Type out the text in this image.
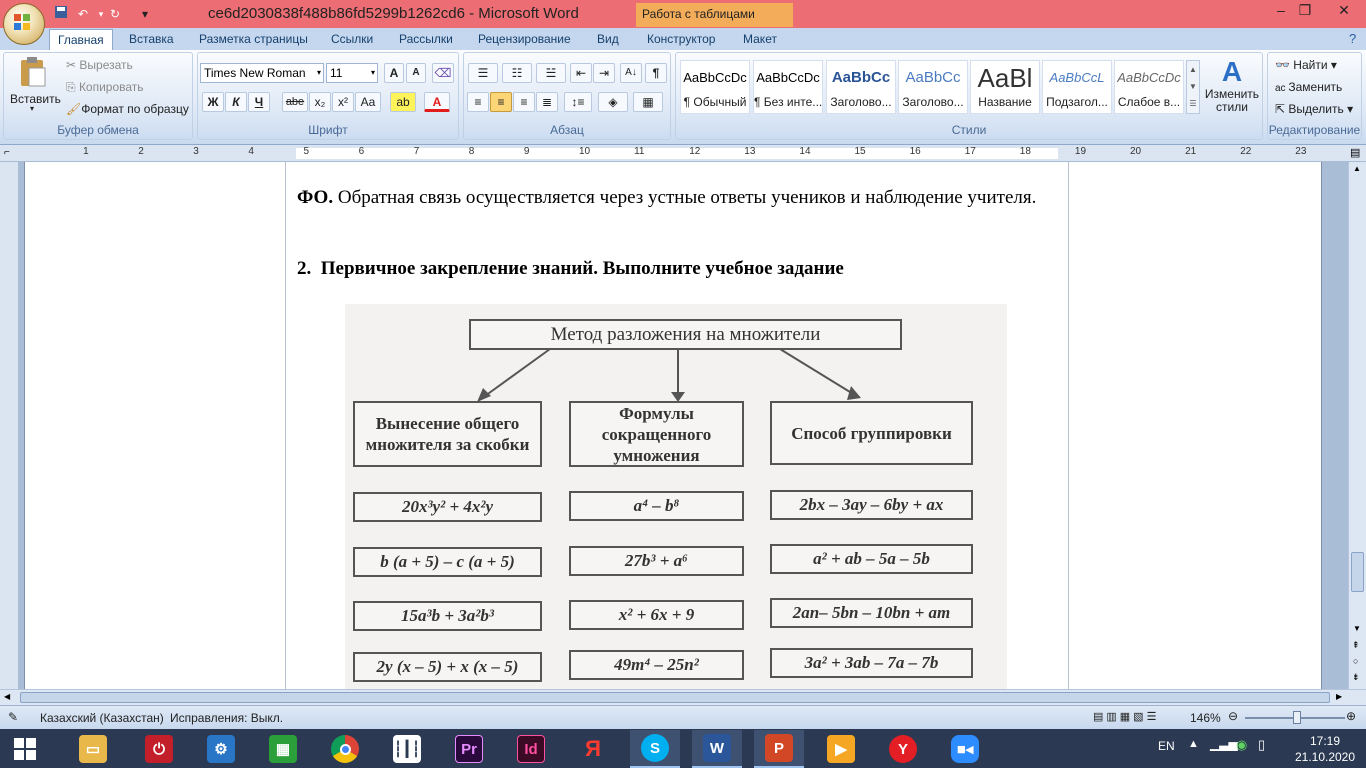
↶	▾ ↻	▾	ce6d2030838f488b86fd5299b1262cd6 - Microsoft Word	Работа с таблицами	– ❐	✕
Главная	Вставка	Разметка страницы	Ссылки	Рассылки	Рецензирование	Вид	Конструктор	Макет	?
Буфер обмена
Вставить
▾
✂ Вырезать
⎘ Копировать
🖌Формат по образцу
Шрифт
Times New Roman ▾ 11	▾	A	A	⌫
Ж	К	Ч	abe x₂	x²	Aa	ab	A
Абзац
☰	☷	☱	⇤	⇥	A↓	¶
≡	≡	≡	≣	↕≡	◈	▦
Стили
AaBbCcDc
¶ Обычный
AaBbCcDc
¶ Без инте...
AaBbCc
Заголово...
AaBbCc
Заголово...
AaBl
Название
AaBbCcL
Подзагол...
AaBbCcDc
Слабое в...
▲
▼
☰
A
Изменить стили
Редактирование
👓 Найти ▾
ac Заменить
⇱ Выделить ▾
1	2	3	4	5	6	7	8	9	10	11	12	13	14	15	16	17	18	19	20	21	22	23
⌐	▤
ФО. Обратная связь осуществляется через устные ответы учеников и наблюдение учителя.
2. Первичное закрепление знаний. Выполните учебное задание
Метод разложения на множители
Вынесение общего множителя за скобки
Формулы сокращенного умножения
Способ группировки
20x³y² + 4x²y
b (a + 5) – c (a + 5)
15a³b + 3a²b³
2y (x – 5) + x (x – 5)
a⁴ – b⁸
27b³ + a⁶
x² + 6x + 9
49m⁴ – 25n²
2bx – 3ay – 6by + ax
a² + ab – 5a – 5b
2an– 5bn – 10bn + am
3a² + 3ab – 7a – 7b
▲
▼
⇞
○
⇟
◀	▶
✎ Казахский (Казахстан) Исправления: Выкл.	▤▥▦▧☰	146% ⊖	⊕
▭	⏻	⚙	▦	┆┃┆	Pr	Id	Я	S	W	P	▶	Y	■◂	EN ▲ ▁▃▅
◉ ▯	17:19
21.10.2020
